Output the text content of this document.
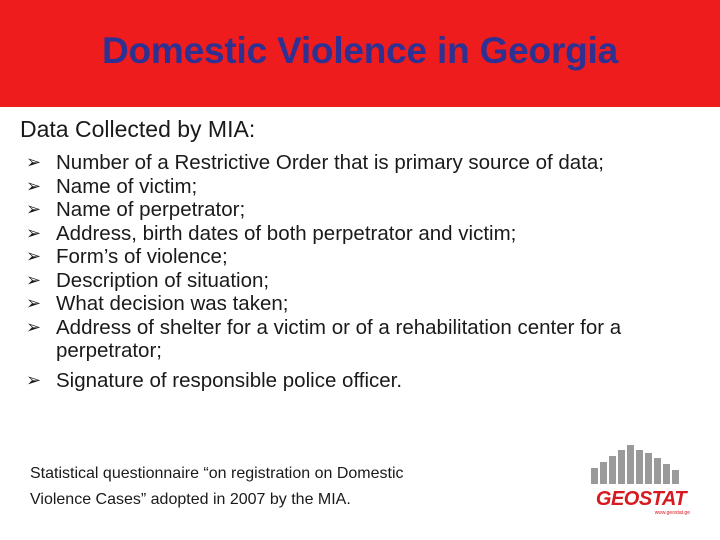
Domestic Violence in Georgia
Data Collected by MIA:
➢ Number of a Restrictive Order that is primary source of data;
➢ Name of victim;
➢ Name of perpetrator;
➢ Address, birth dates of both perpetrator and victim;
➢ Form’s of violence;
➢ Description of situation;
➢ What decision was taken;
➢ Address of shelter for a victim or of a rehabilitation center for a perpetrator;
➢ Signature of responsible police officer.
Statistical questionnaire “on registration on Domestic
Violence Cases” adopted in 2007 by the MIA.	GEOSTAT
www.geostat.ge
